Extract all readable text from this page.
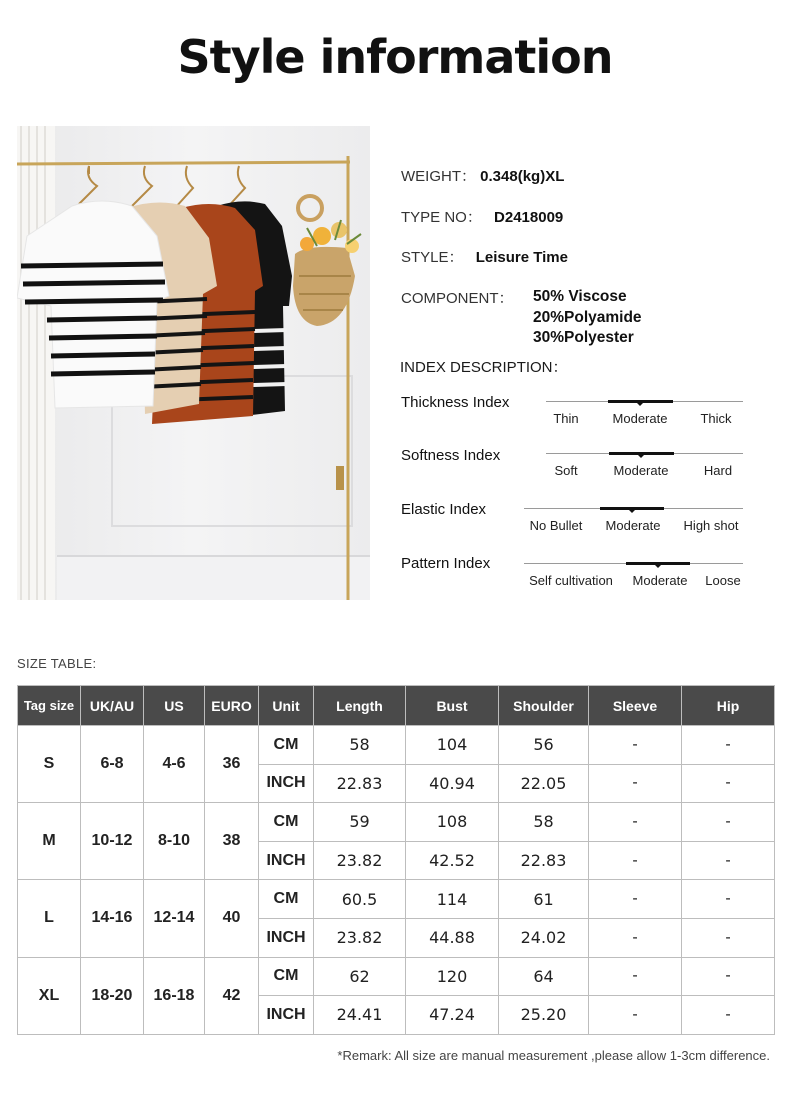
Style information
WEIGHT： 0.348(kg)XL
TYPE NO： D2418009
STYLE： Leisure Time
COMPONENT： 50% Viscose
20%Polyamide
30%Polyester
INDEX DESCRIPTION：
Thickness Index
Thin	Moderate	Thick
Softness Index
Soft	Moderate	Hard
Elastic Index
No Bullet Moderate High shot
Pattern Index
Self cultivation Moderate Loose
SIZE TABLE:
Tag size	UK/AU	US	EURO	Unit	Length	Bust	Shoulder	Sleeve	Hip
S	6-8	4-6	36	CM	58	104	56	-	-
				INCH	22.83	40.94	22.05	-	-
M	10-12	8-10	38	CM	59	108	58	-	-
				INCH	23.82	42.52	22.83	-	-
L	14-16	12-14	40	CM	60.5	114	61	-	-
				INCH	23.82	44.88	24.02	-	-
XL	18-20	16-18	42	CM	62	120	64	-	-
				INCH	24.41	47.24	25.20	-	-
*Remark: All size are manual measurement ,please allow 1-3cm difference.
